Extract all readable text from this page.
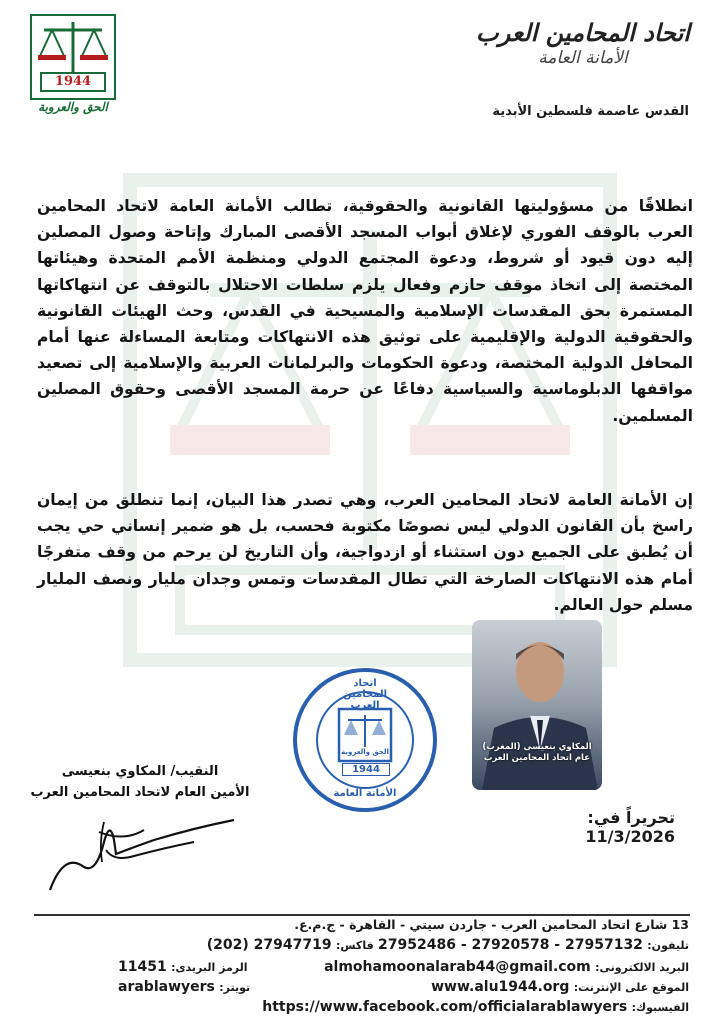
1944
الحق والعروبة
اتحاد المحامين العرب
الأمانة العامة
القدس عاصمة فلسطين الأبدية
انطلاقًا من مسؤوليتها القانونية والحقوقية، تطالب الأمانة العامة لاتحاد المحامين العرب بالوقف الفوري لإغلاق أبواب المسجد الأقصى المبارك وإتاحة وصول المصلين إليه دون قيود أو شروط، ودعوة المجتمع الدولي ومنظمة الأمم المتحدة وهيئاتها المختصة إلى اتخاذ موقف حازم وفعال يلزم سلطات الاحتلال بالتوقف عن انتهاكاتها المستمرة بحق المقدسات الإسلامية والمسيحية في القدس، وحث الهيئات القانونية والحقوقية الدولية والإقليمية على توثيق هذه الانتهاكات ومتابعة المساءلة عنها أمام المحافل الدولية المختصة، ودعوة الحكومات والبرلمانات العربية والإسلامية إلى تصعيد مواقفها الدبلوماسية والسياسية دفاعًا عن حرمة المسجد الأقصى وحقوق المصلين المسلمين.
إن الأمانة العامة لاتحاد المحامين العرب، وهي تصدر هذا البيان، إنما تنطلق من إيمان راسخ بأن القانون الدولي ليس نصوصًا مكتوبة فحسب، بل هو ضمير إنساني حي يجب أن يُطبق على الجميع دون استثناء أو ازدواجية، وأن التاريخ لن يرحم من وقف متفرجًا أمام هذه الانتهاكات الصارخة التي تطال المقدسات وتمس وجدان مليار ونصف المليار مسلم حول العالم.
اتحاد المحامين العرب
1944
الحق والعروبة
الأمانة العامة
المكاوي بنعيسى (المغرب)
عام اتحاد المحامين العرب
النقيب/ المكاوي بنعيسى
الأمين العام لاتحاد المحامين العرب
تحريراً في: 11/3/2026
13 شارع اتحاد المحامين العرب - جاردن سيتي - القاهرة - ج.م.ع.
تليفون: 27952486 - 27920578 - 27957132 فاكس: (202) 27947719
البريد الالكترونى: almohamoonalarab44@gmail.com
الرمز البريدى: 11451
الموقع على الإنترنت: www.alu1944.org
تويتر: arablawyers
الفيسبوك: https://www.facebook.com/officialarablawyers
